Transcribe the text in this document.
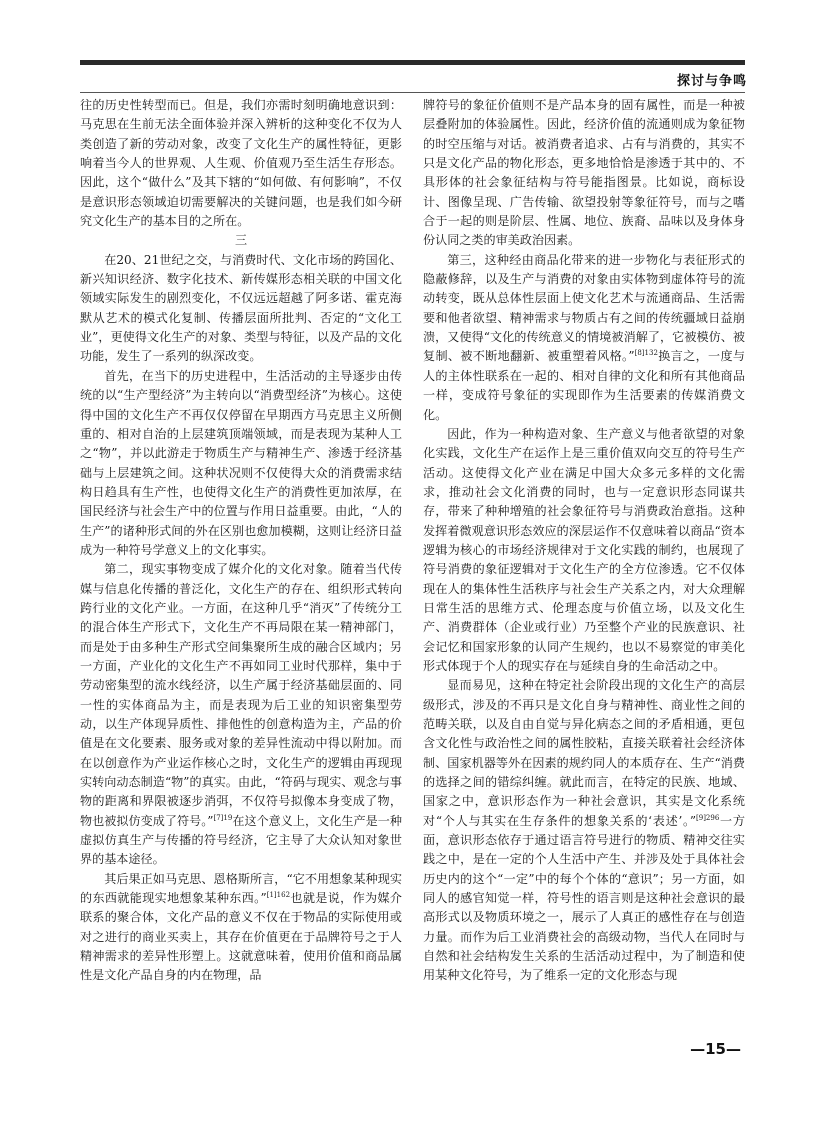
探讨与争鸣

往的历史性转型而已。但是，我们亦需时刻明确地意识到：马克思在生前无法全面体验并深入辨析的这种变化不仅为人类创造了新的劳动对象，改变了文化生产的属性特征，更影响着当今人的世界观、人生观、价值观乃至生活生存形态。因此，这个“做什么”及其下辖的“如何做、有何影响”，不仅是意识形态领域迫切需要解决的关键问题，也是我们如今研究文化生产的基本目的之所在。

三

在20、21世纪之交，与消费时代、文化市场的跨国化、新兴知识经济、数字化技术、新传媒形态相关联的中国文化领域实际发生的剧烈变化，不仅远远超越了阿多诺、霍克海默从艺术的模式化复制、传播层面所批判、否定的“文化工业”，更使得文化生产的对象、类型与特征，以及产品的文化功能，发生了一系列的纵深改变。

首先，在当下的历史进程中，生活活动的主导逐步由传统的以“生产型经济”为主转向以“消费型经济”为核心。这使得中国的文化生产不再仅仅停留在早期西方马克思主义所侧重的、相对自治的上层建筑顶端领域，而是表现为某种人工之“物”，并以此游走于物质生产与精神生产、渗透于经济基础与上层建筑之间。这种状况则不仅使得大众的消费需求结构日趋具有生产性，也使得文化生产的消费性更加浓厚，在国民经济与社会生产中的位置与作用日益重要。由此，“人的生产”的诸种形式间的外在区别也愈加模糊，这则让经济日益成为一种符号学意义上的文化事实。

第二，现实事物变成了媒介化的文化对象。随着当代传媒与信息化传播的普泛化，文化生产的存在、组织形式转向跨行业的文化产业。一方面，在这种几乎“消灭”了传统分工的混合体生产形式下，文化生产不再局限在某一精神部门，而是处于由多种生产形式空间集聚所生成的融合区域内；另一方面，产业化的文化生产不再如同工业时代那样，集中于劳动密集型的流水线经济，以生产属于经济基础层面的、同一性的实体商品为主，而是表现为后工业的知识密集型劳动，以生产体现异质性、排他性的创意构造为主，产品的价值是在文化要素、服务或对象的差异性流动中得以附加。而在以创意作为产业运作核心之时，文化生产的逻辑由再现现实转向动态制造“物”的真实。由此，“符码与现实、观念与事物的距离和界限被逐步消弭，不仅符号拟像本身变成了物，物也被拟仿变成了符号。”$^{[7]19}$在这个意义上，文化生产是一种虚拟仿真生产与传播的符号经济，它主导了大众认知对象世界的基本途径。

其后果正如马克思、恩格斯所言，“它不用想象某种现实的东西就能现实地想象某种东西。”$^{[1]162}$也就是说，作为媒介联系的聚合体，文化产品的意义不仅在于物品的实际使用或对之进行的商业买卖上，其存在价值更在于品牌符号之于人精神需求的差异性形塑上。这就意味着，使用价值和商品属性是文化产品自身的内在物理，品

牌符号的象征价值则不是产品本身的固有属性，而是一种被层叠附加的体验属性。因此，经济价值的流通则成为象征物的时空压缩与对话。被消费者追求、占有与消费的，其实不只是文化产品的物化形态，更多地恰恰是渗透于其中的、不具形体的社会象征结构与符号能指图景。比如说，商标设计、图像呈现、广告传输、欲望投射等象征符号，而与之嗜合于一起的则是阶层、性属、地位、族裔、品味以及身体身份认同之类的审美政治因素。

第三，这种经由商品化带来的进一步物化与表征形式的隐蔽修辞，以及生产与消费的对象由实体物到虚体符号的流动转变，既从总体性层面上使文化艺术与流通商品、生活需要和他者欲望、精神需求与物质占有之间的传统疆域日益崩溃，又使得“文化的传统意义的情境被消解了，它被模仿、被复制、被不断地翻新、被重塑着风格。”$^{[8]132}$换言之，一度与人的主体性联系在一起的、相对自律的文化和所有其他商品一样，变成符号象征的实现即作为生活要素的传媒消费文化。

因此，作为一种构造对象、生产意义与他者欲望的对象化实践，文化生产在运作上是三重价值双向交互的符号生产活动。这使得文化产业在满足中国大众多元多样的文化需求，推动社会文化消费的同时，也与一定意识形态同谋共存，带来了种种增殖的社会象征符号与消费政治意指。这种发挥着微观意识形态效应的深层运作不仅意味着以商品“资本逻辑为核心的市场经济规律对于文化实践的制约，也展现了符号消费的象征逻辑对于文化生产的全方位渗透。它不仅体现在人的集体性生活秩序与社会生产关系之内，对大众理解日常生活的思维方式、伦理态度与价值立场，以及文化生产、消费群体（企业或行业）乃至整个产业的民族意识、社会记忆和国家形象的认同产生规约，也以不易察觉的审美化形式体现于个人的现实存在与延续自身的生命活动之中。

显而易见，这种在特定社会阶段出现的文化生产的高层级形式，涉及的不再只是文化自身与精神性、商业性之间的范畴关联，以及自由自觉与异化病态之间的矛盾相通，更包含文化性与政治性之间的属性胶粘，直接关联着社会经济体制、国家机器等外在因素的规约同人的本质存在、生产“消费的选择之间的错综纠缠。就此而言，在特定的民族、地域、国家之中，意识形态作为一种社会意识，其实是文化系统对“个人与其实在生存条件的想象关系的‘表述’。”$^{[9]296}$一方面，意识形态依存于通过语言符号进行的物质、精神交往实践之中，是在一定的个人生活中产生、并涉及处于具体社会历史内的这个“一定”中的每个个体的“意识”；另一方面，如同人的感官知觉一样，符号性的语言则是这种社会意识的最高形式以及物质环境之一，展示了人真正的感性存在与创造力量。而作为后工业消费社会的高级动物，当代人在同时与自然和社会结构发生关系的生活活动过程中，为了制造和使用某种文化符号，为了维系一定的文化形态与现

—15—
